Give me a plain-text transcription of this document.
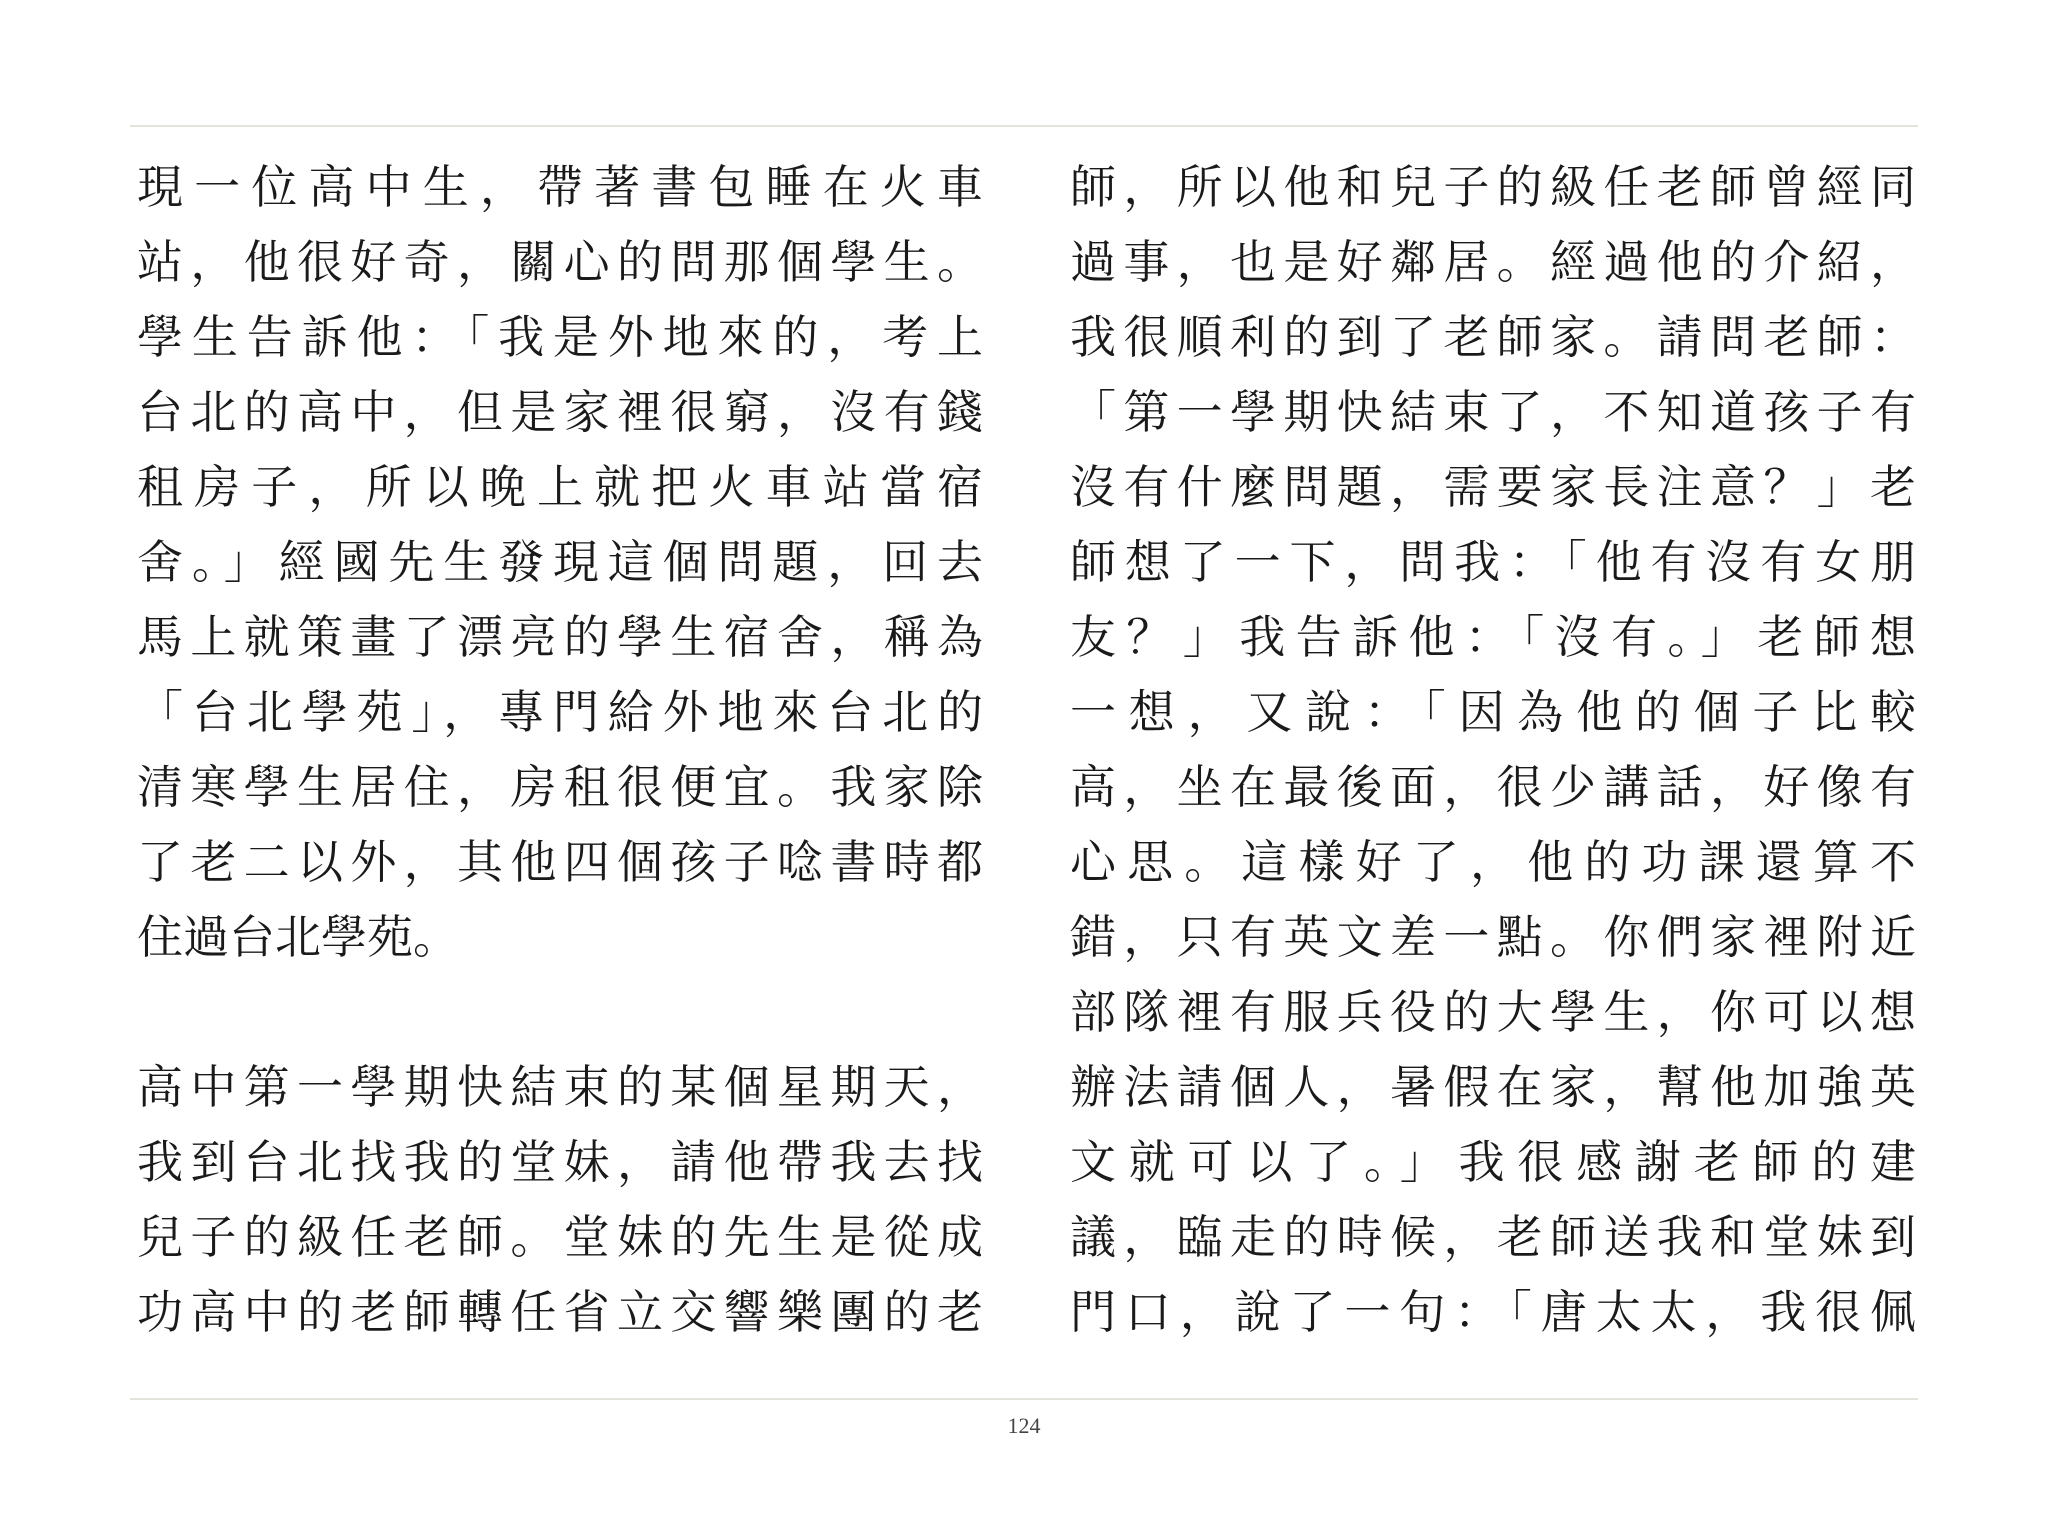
現一位高中生，帶著書包睡在火車
站，他很好奇，關心的問那個學生。
學生告訴他：「我是外地來的，考上
台北的高中，但是家裡很窮，沒有錢
租房子，所以晚上就把火車站當宿
舍。」經國先生發現這個問題，回去
馬上就策畫了漂亮的學生宿舍，稱為
「台北學苑」，專門給外地來台北的
清寒學生居住，房租很便宜。我家除
了老二以外，其他四個孩子唸書時都
住過台北學苑。
高中第一學期快結束的某個星期天，
我到台北找我的堂妹，請他帶我去找
兒子的級任老師。堂妹的先生是從成
功高中的老師轉任省立交響樂團的老
師，所以他和兒子的級任老師曾經同
過事，也是好鄰居。經過他的介紹，
我很順利的到了老師家。請問老師：
「第一學期快結束了，不知道孩子有
沒有什麼問題，需要家長注意？」老
師想了一下，問我：「他有沒有女朋
友？」我告訴他：「沒有。」老師想
一想，又說：「因為他的個子比較
高，坐在最後面，很少講話，好像有
心思。這樣好了，他的功課還算不
錯，只有英文差一點。你們家裡附近
部隊裡有服兵役的大學生，你可以想
辦法請個人，暑假在家，幫他加強英
文就可以了。」我很感謝老師的建
議，臨走的時候，老師送我和堂妹到
門口，說了一句：「唐太太，我很佩
124
